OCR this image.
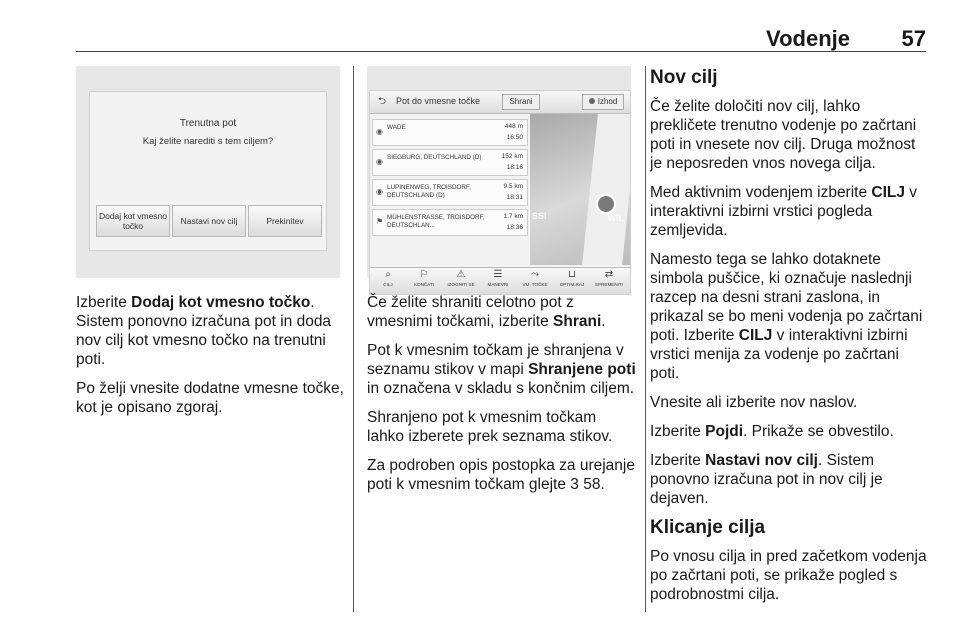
Vodenje 57
Trenutna pot
Kaj želite narediti s tem ciljem?
Dodaj kot vmesno točko	Nastavi nov cilj	Prekinitev
⮌	Pot do vmesne točke	Shrani	Izhod
SSI	WIL
◉ WADE	448 m
16:50
◉ SIEGBURG, DEUTSCHLAND (D)	152 km
18:16
◉ LUPINENWEG, TROISDORF, DEUTSCHLAND (D)
9.5 km
18:31
⚑ MÜHLENSTRASSE, TROISDORF, DEUTSCHLAN...
1.7 km
18:36
⌕
CILJ
⚐
KONČATI
⚠
IZOGNITI SE
☰
MANEVRI
⤳
VM. TOČKE
⊔
OPTIM.RAJ
⇄
SPREMENITI

Izberite Dodaj kot vmesno točko. Sistem ponovno izračuna pot in doda nov cilj kot vmesno točko na trenutni poti.

Po želji vnesite dodatne vmesne točke, kot je opisano zgoraj.

Če želite shraniti celotno pot z vmesnimi točkami, izberite Shrani.

Pot k vmesnim točkam je shranjena v seznamu stikov v mapi Shranjene poti in označena v skladu s končnim ciljem.

Shranjeno pot k vmesnim točkam lahko izberete prek seznama stikov.

Za podroben opis postopka za urejanje poti k vmesnim točkam glejte 3 58.

Nov cilj

Če želite določiti nov cilj, lahko prekličete trenutno vodenje po začrtani poti in vnesete nov cilj. Druga možnost je neposreden vnos novega cilja.

Med aktivnim vodenjem izberite CILJ v interaktivni izbirni vrstici pogleda zemljevida.

Namesto tega se lahko dotaknete simbola puščice, ki označuje naslednji razcep na desni strani zaslona, in prikazal se bo meni vodenja po začrtani poti. Izberite CILJ v interaktivni izbirni vrstici menija za vodenje po začrtani poti.

Vnesite ali izberite nov naslov.

Izberite Pojdi. Prikaže se obvestilo.

Izberite Nastavi nov cilj. Sistem ponovno izračuna pot in nov cilj je dejaven.

Klicanje cilja

Po vnosu cilja in pred začetkom vodenja po začrtani poti, se prikaže pogled s podrobnostmi cilja.
